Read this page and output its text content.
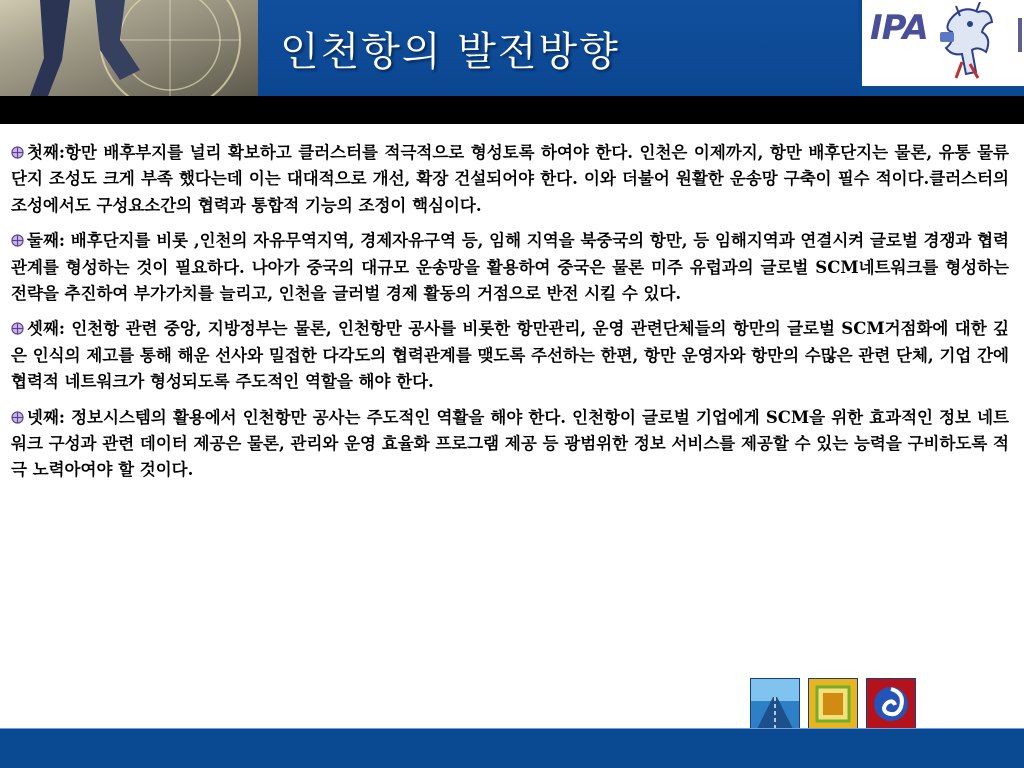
인천항의 발전방향
IPA

첫째:항만 배후부지를 널리 확보하고 클러스터를 적극적으로 형성토록 하여야 한다. 인천은 이제까지, 항만 배후단지는 물론, 유통 물류 단지 조성도 크게 부족 했다는데 이는 대대적으로 개선, 확장 건설되어야 한다. 이와 더불어 원활한 운송망 구축이 필수 적이다.클러스터의 조성에서도 구성요소간의 협력과 통합적 기능의 조정이 핵심이다.

둘째: 배후단지를 비롯 ,인천의 자유무역지역, 경제자유구역 등, 임해 지역을 북중국의 항만, 등 임해지역과 연결시켜 글로벌 경쟁과 협력관계를 형성하는 것이 필요하다. 나아가 중국의 대규모 운송망을 활용하여 중국은 물론 미주 유럽과의 글로벌 SCM네트워크를 형성하는 전략을 추진하여 부가가치를 늘리고, 인천을 글러벌 경제 활동의 거점으로 반전 시킬 수 있다.

셋째: 인천항 관련 중앙, 지방정부는 물론, 인천항만 공사를 비롯한 항만관리, 운영 관련단체들의 항만의 글로벌 SCM거점화에 대한 깊은 인식의 제고를 통해 해운 선사와 밀접한 다각도의 협력관계를 맺도록 주선하는 한편, 항만 운영자와 항만의 수많은 관련 단체, 기업 간에 협력적 네트워크가 형성되도록 주도적인 역할을 해야 한다.

넷째: 정보시스템의 활용에서 인천항만 공사는 주도적인 역활을 해야 한다. 인천항이 글로벌 기업에게 SCM을 위한 효과적인 정보 네트워크 구성과 관련 데이터 제공은 물론, 관리와 운영 효율화 프로그램 제공 등 광범위한 정보 서비스를 제공할 수 있는 능력을 구비하도록 적극 노력아여야 할 것이다.
